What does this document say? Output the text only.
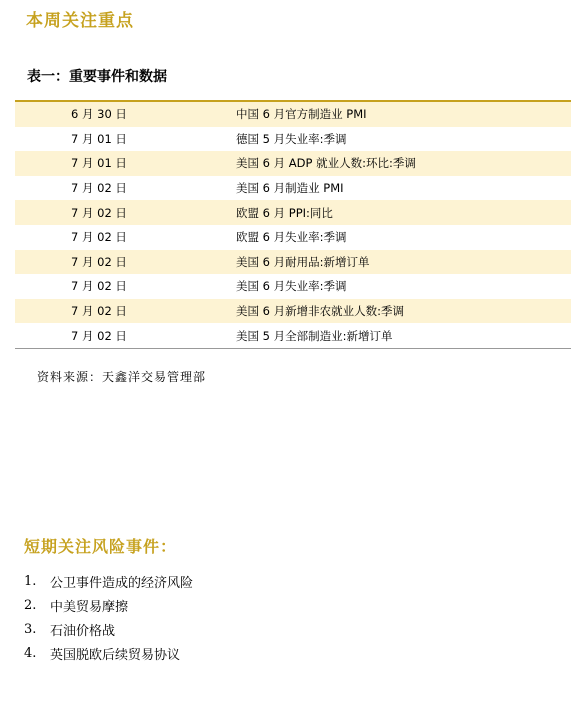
本周关注重点
表一：重要事件和数据
6 月 30 日	中国 6 月官方制造业 PMI
7 月 01 日	德国 5 月失业率:季调
7 月 01 日	美国 6 月 ADP 就业人数:环比:季调
7 月 02 日	美国 6 月制造业 PMI
7 月 02 日	欧盟 6 月 PPI:同比
7 月 02 日	欧盟 6 月失业率:季调
7 月 02 日	美国 6 月耐用品:新增订单
7 月 02 日	美国 6 月失业率:季调
7 月 02 日	美国 6 月新增非农就业人数:季调
7 月 02 日	美国 5 月全部制造业:新增订单
资料来源：天鑫洋交易管理部
短期关注风险事件：
1.	公卫事件造成的经济风险
2.	中美贸易摩擦
3.	石油价格战
4.	英国脱欧后续贸易协议
